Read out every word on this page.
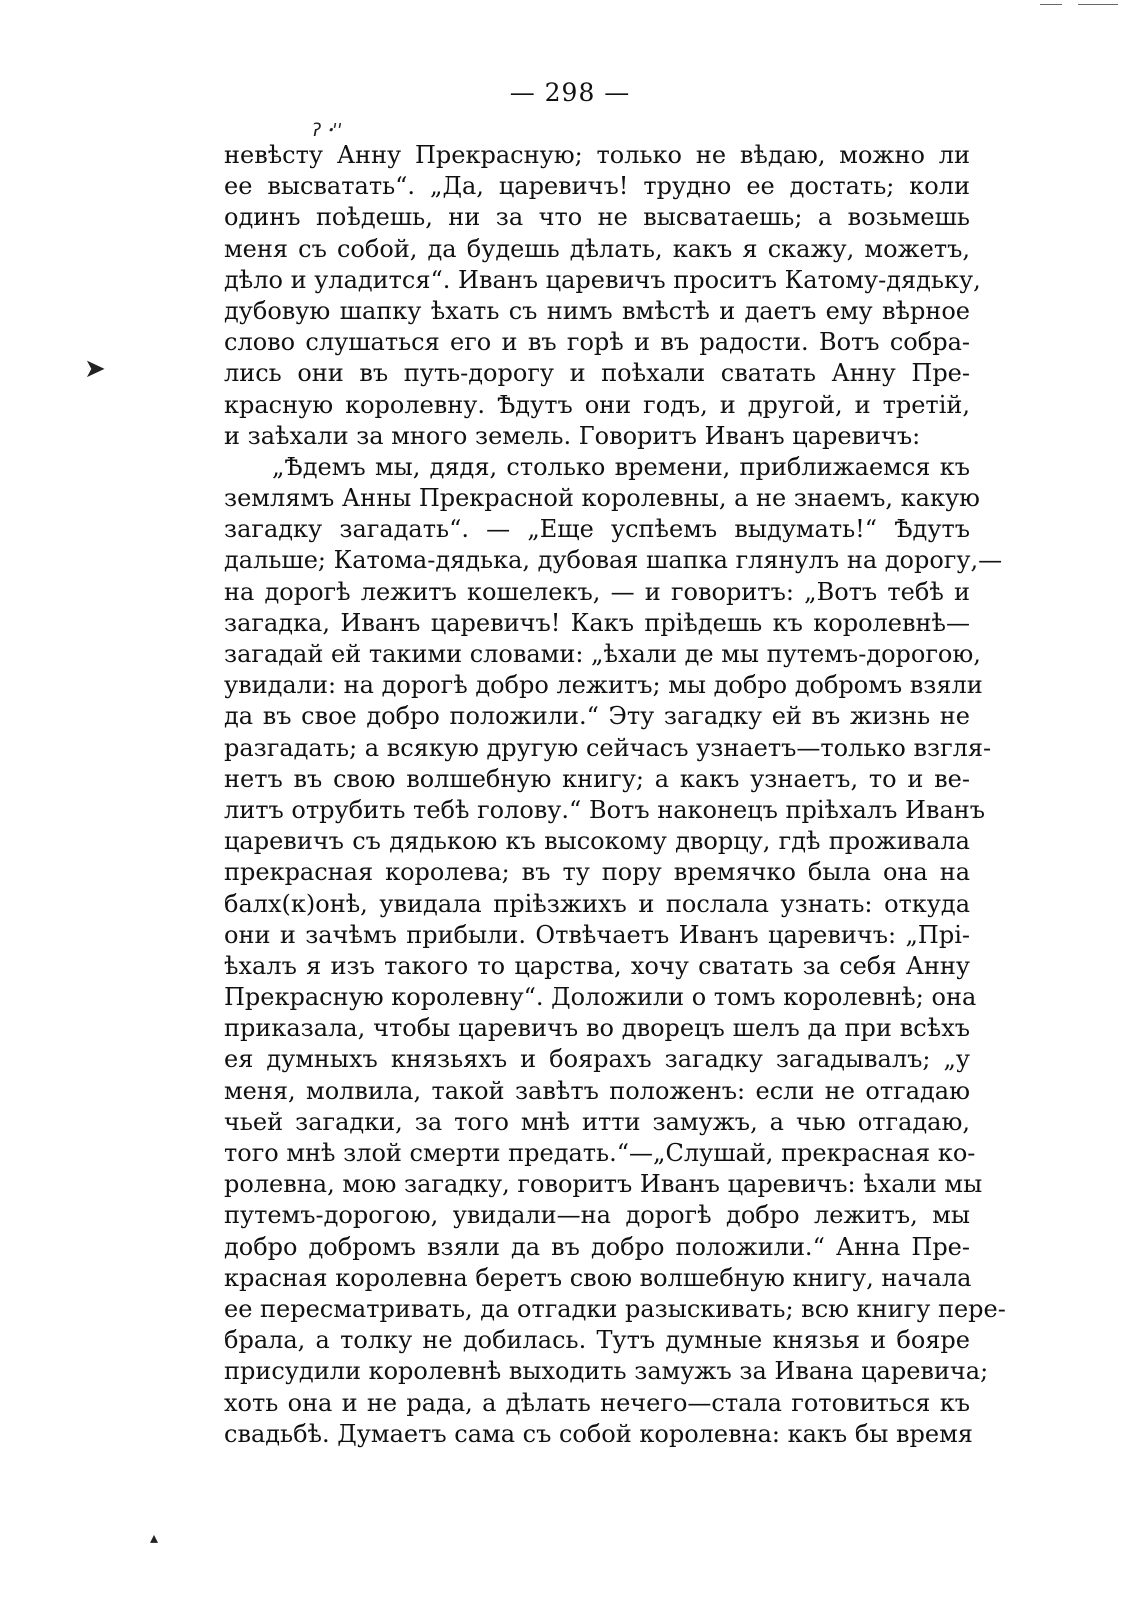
ʔ ꞏꞌꞌ
➤
▴
— 298 —
невѣсту Анну Прекрасную; только не вѣдаю, можно ли
ее высватать“. „Да, царевичъ! трудно ее достать; коли
одинъ поѣдешь, ни за что не высватаешь; а возьмешь
меня съ собой, да будешь дѣлать, какъ я скажу, можетъ,
дѣло и уладится“. Иванъ царевичъ проситъ Катому-дядьку,
дубовую шапку ѣхать съ нимъ вмѣстѣ и даетъ ему вѣрное
слово слушаться его и въ горѣ и въ радости. Вотъ собра-
лись они въ путь-дорогу и поѣхали сватать Анну Пре-
красную королевну. Ѣдутъ они годъ, и другой, и третій,
и заѣхали за много земель. Говоритъ Иванъ царевичъ:
„Ѣдемъ мы, дядя, столько времени, приближаемся къ
землямъ Анны Прекрасной королевны, а не знаемъ, какую
загадку загадать“. — „Еще успѣемъ выдумать!“ Ѣдутъ
дальше; Катома-дядька, дубовая шапка глянулъ на дорогу,—
на дорогѣ лежитъ кошелекъ, — и говоритъ: „Вотъ тебѣ и
загадка, Иванъ царевичъ! Какъ пріѣдешь къ королевнѣ—
загадай ей такими словами: „ѣхали де мы путемъ-дорогою,
увидали: на дорогѣ добро лежитъ; мы добро добромъ взяли
да въ свое добро положили.“ Эту загадку ей въ жизнь не
разгадать; а всякую другую сейчасъ узнаетъ—только взгля-
нетъ въ свою волшебную книгу; а какъ узнаетъ, то и ве-
литъ отрубить тебѣ голову.“ Вотъ наконецъ пріѣхалъ Иванъ
царевичъ съ дядькою къ высокому дворцу, гдѣ проживала
прекрасная королева; въ ту пору времячко была она на
балх(к)онѣ, увидала пріѣзжихъ и послала узнать: откуда
они и зачѣмъ прибыли. Отвѣчаетъ Иванъ царевичъ: „Прі-
ѣхалъ я изъ такого то царства, хочу сватать за себя Анну
Прекрасную королевну“. Доложили о томъ королевнѣ; она
приказала, чтобы царевичъ во дворецъ шелъ да при всѣхъ
ея думныхъ князьяхъ и боярахъ загадку загадывалъ; „у
меня, молвила, такой завѣтъ положенъ: если не отгадаю
чьей загадки, за того мнѣ итти замужъ, а чью отгадаю,
того мнѣ злой смерти предать.“—„Слушай, прекрасная ко-
ролевна, мою загадку, говоритъ Иванъ царевичъ: ѣхали мы
путемъ-дорогою, увидали—на дорогѣ добро лежитъ, мы
добро добромъ взяли да въ добро положили.“ Анна Пре-
красная королевна беретъ свою волшебную книгу, начала
ее пересматривать, да отгадки разыскивать; всю книгу пере-
брала, а толку не добилась. Тутъ думные князья и бояре
присудили королевнѣ выходить замужъ за Ивана царевича;
хоть она и не рада, а дѣлать нечего—стала готовиться къ
свадьбѣ. Думаетъ сама съ собой королевна: какъ бы время
